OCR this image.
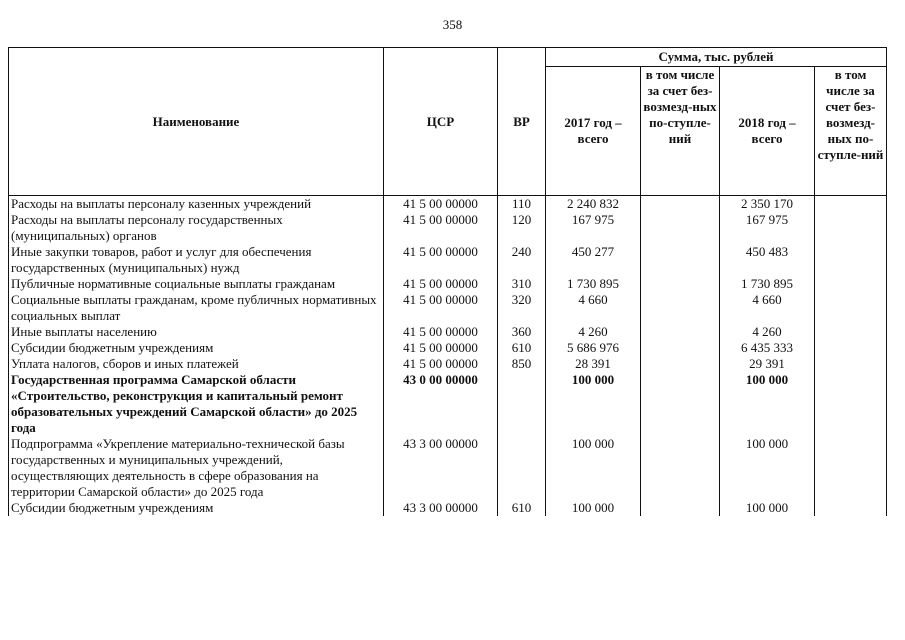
358
Наименование	ЦСР	ВР	Сумма, тыс. рублей			
			2017 год – всего	в том числе за счет без-возмезд-ных по-ступле-ний	2018 год – всего	в том числе за счет без-возмезд-ных по-ступле-ний
Расходы на выплаты персоналу казенных учреждений	41 5 00 00000	110	2 240 832		2 350 170	
Расходы на выплаты персоналу государственных (муниципальных) органов	41 5 00 00000	120	167 975		167 975	
Иные закупки товаров, работ и услуг для обеспечения государственных (муниципальных) нужд	41 5 00 00000	240	450 277		450 483	
Публичные нормативные социальные выплаты гражданам	41 5 00 00000	310	1 730 895		1 730 895	
Социальные выплаты гражданам, кроме публичных нормативных социальных выплат	41 5 00 00000	320	4 660		4 660	
Иные выплаты населению	41 5 00 00000	360	4 260		4 260	
Субсидии бюджетным учреждениям	41 5 00 00000	610	5 686 976		6 435 333	
Уплата налогов, сборов и иных платежей	41 5 00 00000	850	28 391		29 391	
Государственная программа Самарской области «Строительство, реконструкция и капитальный ремонт образовательных учреждений Самарской области» до 2025 года	43 0 00 00000		100 000		100 000	
Подпрограмма «Укрепление материально-технической базы государственных и муниципальных учреждений, осуществляющих деятельность в сфере образования на территории Самарской области» до 2025 года	43 3 00 00000		100 000		100 000	
Субсидии бюджетным учреждениям	43 3 00 00000	610	100 000		100 000	
